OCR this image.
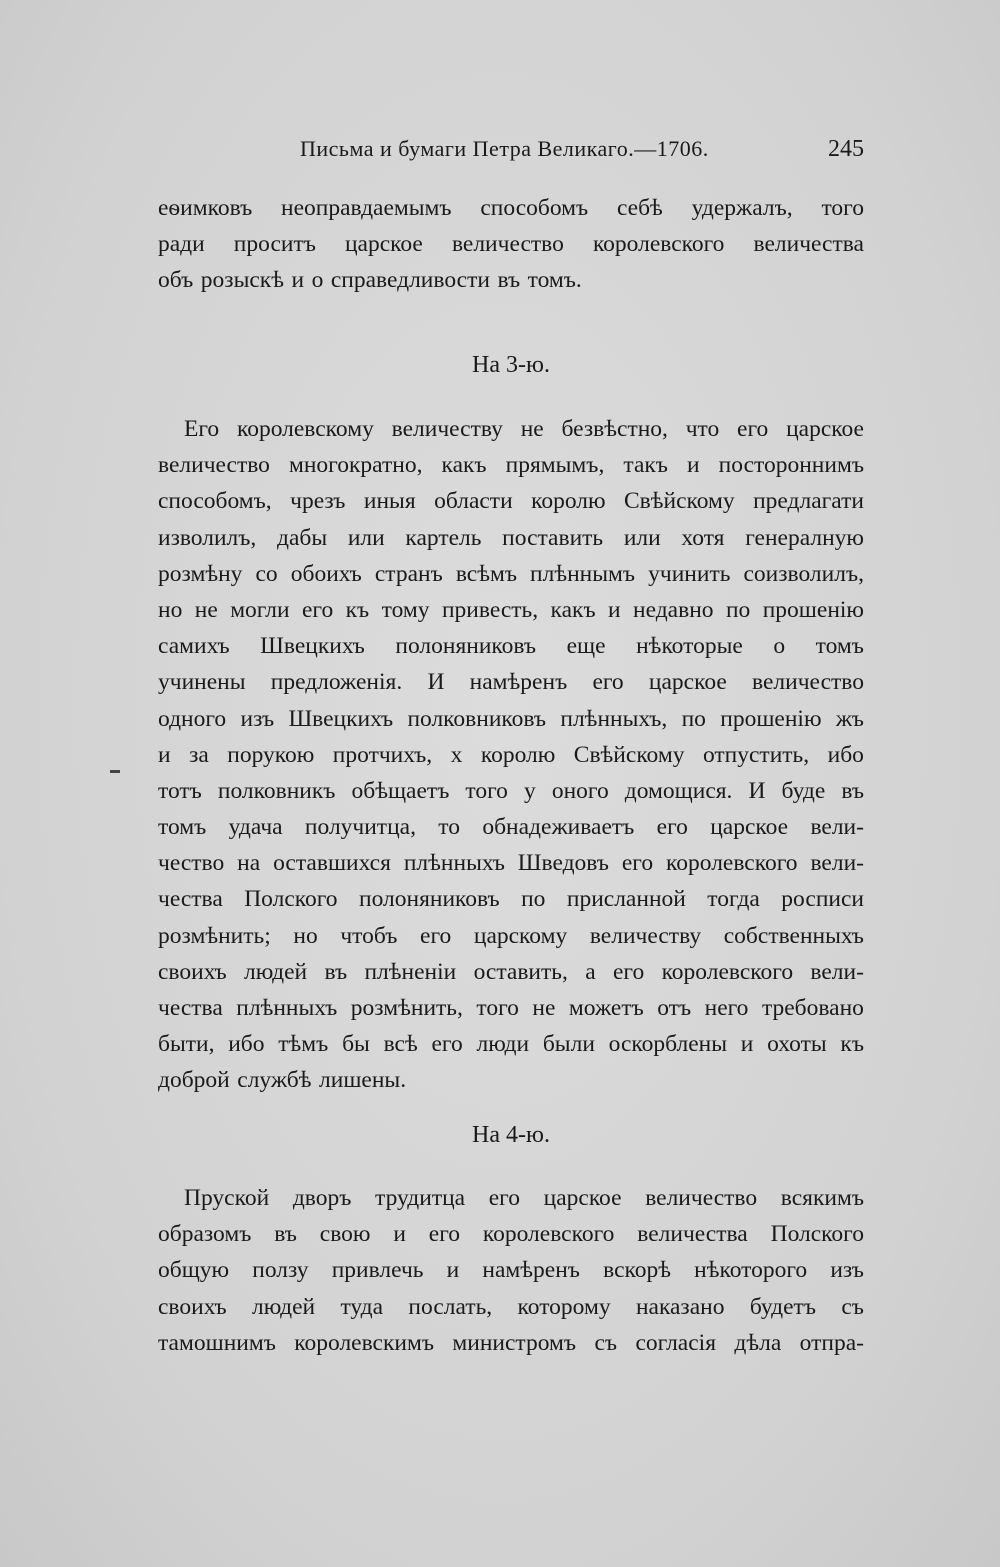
Письма и бумаги Петра Великаго.—1706.	245
еѳимковъ неоправдаемымъ способомъ себѣ удержалъ, того
ради проситъ царское величество королевского величества
объ розыскѣ и о справедливости въ томъ.
На 3-ю.
Его королевскому величеству не безвѣстно, что его царское
величество многократно, какъ прямымъ, такъ и постороннимъ
способомъ, чрезъ иныя области королю Свѣйскому предлагати
изволилъ, дабы или картель поставить или хотя генералную
розмѣну со обоихъ странъ всѣмъ плѣннымъ учинить соизволилъ,
но не могли его къ тому привесть, какъ и недавно по прошенію
самихъ Швецкихъ полоняниковъ еще нѣкоторые о томъ
учинены предложенія. И намѣренъ его царское величество
одного изъ Швецкихъ полковниковъ плѣнныхъ, по прошенію жъ
и за порукою протчихъ, х королю Свѣйскому отпустить, ибо
тотъ полковникъ обѣщаетъ того у оного домощися. И буде въ
томъ удача получитца, то обнадеживаетъ его царское вели-
чество на оставшихся плѣнныхъ Шведовъ его королевского вели-
чества Полского полоняниковъ по присланной тогда росписи
розмѣнить; но чтобъ его царскому величеству собственныхъ
своихъ людей въ плѣненіи оставить, а его королевского вели-
чества плѣнныхъ розмѣнить, того не можетъ отъ него требовано
быти, ибо тѣмъ бы всѣ его люди были оскорблены и охоты къ
доброй службѣ лишены.
На 4-ю.
Пруской дворъ трудитца его царское величество всякимъ
образомъ въ свою и его королевского величества Полского
общую ползу привлечь и намѣренъ вскорѣ нѣкоторого изъ
своихъ людей туда послать, которому наказано будетъ съ
тамошнимъ королевскимъ министромъ съ согласія дѣла отпра-
